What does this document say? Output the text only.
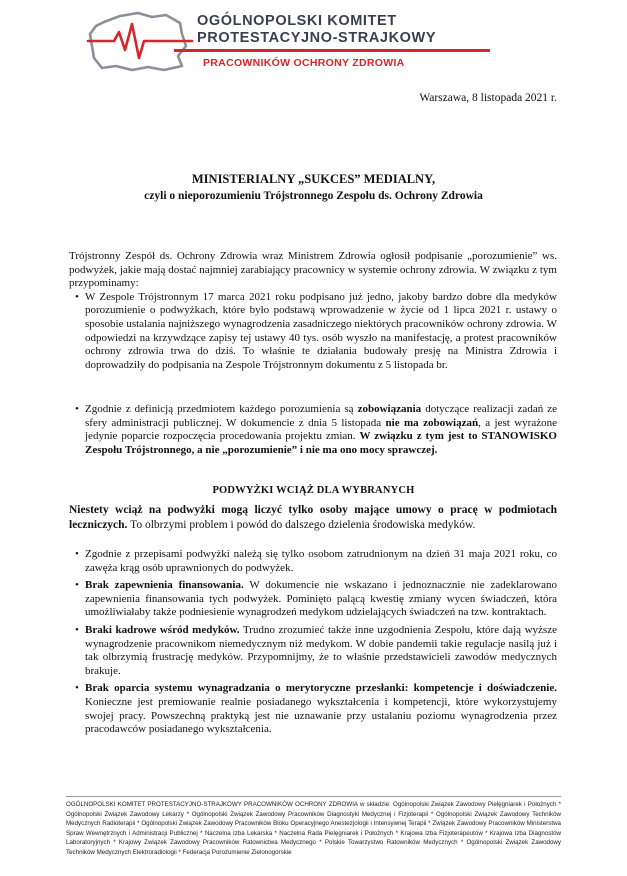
OGÓLNOPOLSKI KOMITET
PROTESTACYJNO-STRAJKOWY
PRACOWNIKÓW OCHRONY ZDROWIA
Warszawa, 8 listopada 2021 r.
MINISTERIALNY „SUKCES” MEDIALNY,
czyli o nieporozumieniu Trójstronnego Zespołu ds. Ochrony Zdrowia

Trójstronny Zespół ds. Ochrony Zdrowia wraz Ministrem Zdrowia ogłosił podpisanie „porozumienie” ws. podwyżek, jakie mają dostać najmniej zarabiający pracownicy w systemie ochrony zdrowia. W związku z tym przypominamy:

• W Zespole Trójstronnym 17 marca 2021 roku podpisano już jedno, jakoby bardzo dobre dla medyków porozumienie o podwyżkach, które było podstawą wprowadzenie w życie od 1 lipca 2021 r. ustawy o sposobie ustalania najniższego wynagrodzenia zasadniczego niektórych pracowników ochrony zdrowia. W odpowiedzi na krzywdzące zapisy tej ustawy 40 tys. osób wyszło na manifestację, a protest pracowników ochrony zdrowia trwa do dziś. To właśnie te działania budowały presję na Ministra Zdrowia i doprowadziły do podpisania na Zespole Trójstronnym dokumentu z 5 listopada br.
• Zgodnie z definicją przedmiotem każdego porozumienia są zobowiązania dotyczące realizacji zadań ze sfery administracji publicznej. W dokumencie z dnia 5 listopada nie ma zobowiązań, a jest wyrażone jedynie poparcie rozpoczęcia procedowania projektu zmian. W związku z tym jest to STANOWISKO Zespołu Trójstronnego, a nie „porozumienie” i nie ma ono mocy sprawczej.
PODWYŻKI WCIĄŻ DLA WYBRANYCH
Niestety wciąż na podwyżki mogą liczyć tylko osoby mające umowy o pracę w podmiotach leczniczych. To olbrzymi problem i powód do dalszego dzielenia środowiska medyków.
• Zgodnie z przepisami podwyżki należą się tylko osobom zatrudnionym na dzień 31 maja 2021 roku, co zawęża krąg osób uprawnionych do podwyżek.
• Brak zapewnienia finansowania. W dokumencie nie wskazano i jednoznacznie nie zadeklarowano zapewnienia finansowania tych podwyżek. Pominięto palącą kwestię zmiany wycen świadczeń, która umożliwiałaby także podniesienie wynagrodzeń medykom udzielających świadczeń na tzw. kontraktach.
• Braki kadrowe wśród medyków. Trudno zrozumieć także inne uzgodnienia Zespołu, które dają wyższe wynagrodzenie pracownikom niemedycznym niż medykom. W dobie pandemii takie regulacje nasilą już i tak olbrzymią frustrację medyków. Przypomnijmy, że to właśnie przedstawicieli zawodów medycznych brakuje.
• Brak oparcia systemu wynagradzania o merytoryczne przesłanki: kompetencje i doświadczenie. Konieczne jest premiowanie realnie posiadanego wykształcenia i kompetencji, które wykorzystujemy swojej pracy. Powszechną praktyką jest nie uznawanie przy ustalaniu poziomu wynagrodzenia przez pracodawców posiadanego wykształcenia.
OGÓLNOPOLSKI KOMITET PROTESTACYJNO-STRAJKOWY PRACOWNIKÓW OCHRONY ZDROWIA w składzie: Ogólnopolski Związek Zawodowy Pielęgniarek i Położnych * Ogólnopolski Związek Zawodowy Lekarzy * Ogólnopolski Związek Zawodowy Pracowników Diagnostyki Medycznej i Fizjoterapii * Ogólnopolski Związek Zawodowy Techników Medycznych Radioterapii * Ogólnopolski Związek Zawodowy Pracowników Bloku Operacyjnego Anestezjologii i Intensywnej Terapii * Związek Zawodowy Pracowników Ministerstwa Spraw Wewnętrznych i Administracji Publicznej * Naczelna Izba Lekarska * Naczelna Rada Pielęgniarek i Położnych * Krajowa Izba Fizjoterapeutów * Krajowa Izba Diagnostów Laboratoryjnych * Krajowy Związek Zawodowy Pracowników Ratownictwa Medycznego * Polskie Towarzystwo Ratowników Medycznych * Ogólnopolski Związek Zawodowy Techników Medycznych Elektroradiologii * Federacja Porozumienie Zielonogórskie
